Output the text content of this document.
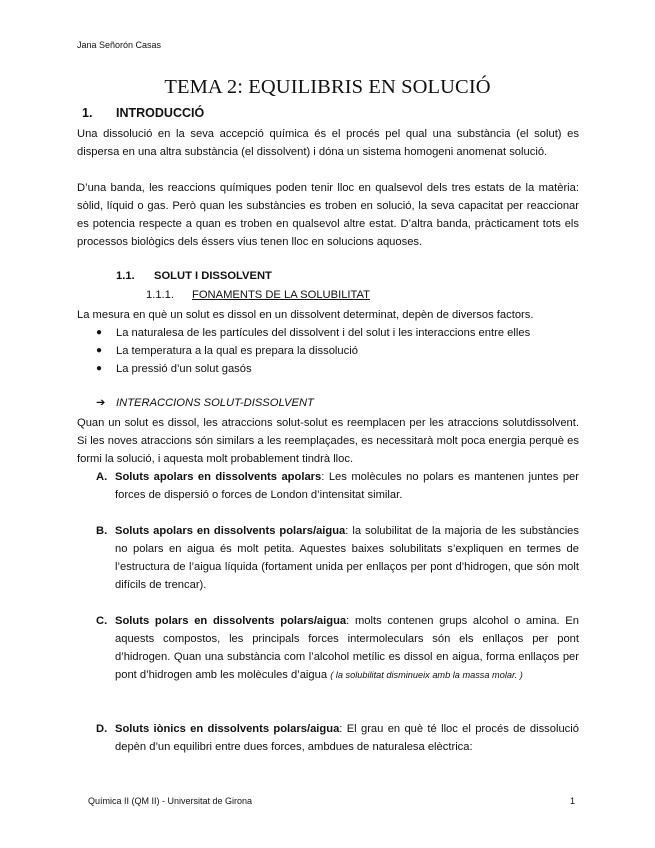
Jana Señorón Casas
TEMA 2: EQUILIBRIS EN SOLUCIÓ
1. INTRODUCCIÓ
Una dissolució en la seva accepció química és el procés pel qual una substància (el solut) es dispersa en una altra substància (el dissolvent) i dóna un sistema homogeni anomenat solució.
D’una banda, les reaccions químiques poden tenir lloc en qualsevol dels tres estats de la matèria: sòlid, líquid o gas. Però quan les substàncies es troben en solució, la seva capacitat per reaccionar es potencia respecte a quan es troben en qualsevol altre estat. D’altra banda, pràcticament tots els processos biològics dels éssers vius tenen lloc en solucions aquoses.
1.1. SOLUT I DISSOLVENT
1.1.1. FONAMENTS DE LA SOLUBILITAT
La mesura en què un solut es dissol en un dissolvent determinat, depèn de diversos factors.
●	La naturalesa de les partícules del dissolvent i del solut i les interaccions entre elles
●	La temperatura a la qual es prepara la dissolució
●	La pressió d’un solut gasós
➔ INTERACCIONS SOLUT-DISSOLVENT
Quan un solut es dissol, les atraccions solut-solut es reemplacen per les atraccions solutdissolvent. Si les noves atraccions són similars a les reemplaçades, es necessitarà molt poca energia perquè es formi la solució, i aquesta molt probablement tindrà lloc.
A. Soluts apolars en dissolvents apolars: Les molècules no polars es mantenen juntes per forces de dispersió o forces de London d’intensitat similar.
B. Soluts apolars en dissolvents polars/aigua: la solubilitat de la majoria de les substàncies no polars en aigua és molt petita. Aquestes baixes solubilitats s’expliquen en termes de l’estructura de l’aigua líquida (fortament unida per enllaços per pont d’hidrogen, que són molt difícils de trencar).
C. Soluts polars en dissolvents polars/aigua: molts contenen grups alcohol o amina. En aquests compostos, les principals forces intermoleculars són els enllaços per pont d’hidrogen. Quan una substància com l’alcohol metílic es dissol en aigua, forma enllaços per pont d’hidrogen amb les molècules d’aigua ( la solubilitat disminueix amb la massa molar. )
D. Soluts iònics en dissolvents polars/aigua: El grau en què té lloc el procés de dissolució depèn d’un equilibri entre dues forces, ambdues de naturalesa elèctrica:
Química II (QM II) - Universitat de Girona	1
